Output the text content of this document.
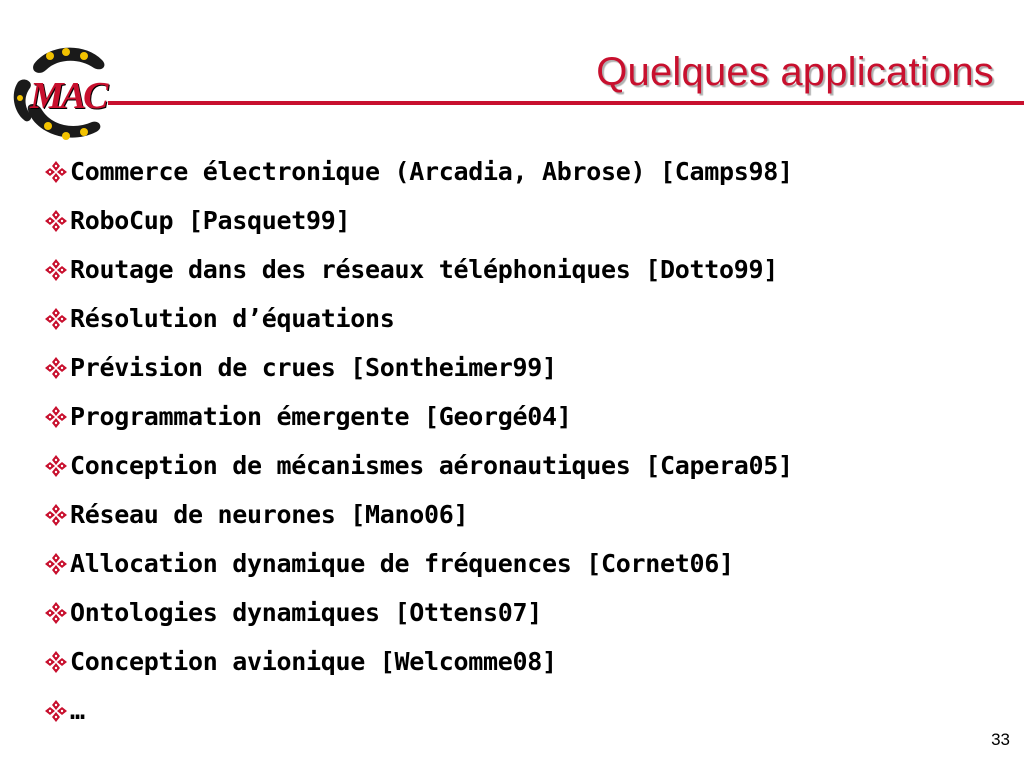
MAC
Quelques applications
Commerce électronique (Arcadia, Abrose) [Camps98]
RoboCup [Pasquet99]
Routage dans des réseaux téléphoniques [Dotto99]
Résolution d’équations
Prévision de crues [Sontheimer99]
Programmation émergente [Georgé04]
Conception de mécanismes aéronautiques [Capera05]
Réseau de neurones [Mano06]
Allocation dynamique de fréquences [Cornet06]
Ontologies dynamiques [Ottens07]
Conception avionique [Welcomme08]
…
33
